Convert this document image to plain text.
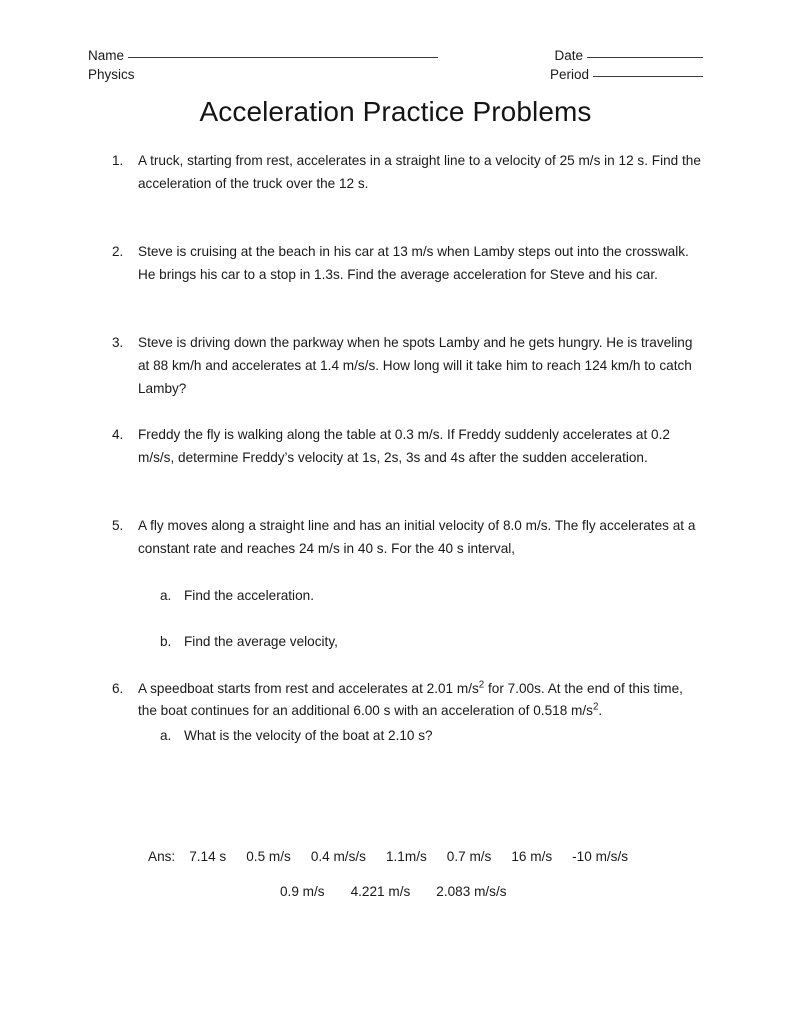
Name	Date
Physics	Period
Acceleration Practice Problems
1.	A truck, starting from rest, accelerates in a straight line to a velocity of 25 m/s in 12 s. Find the acceleration of the truck over the 12 s.
2.	Steve is cruising at the beach in his car at 13 m/s when Lamby steps out into the crosswalk. He brings his car to a stop in 1.3s. Find the average acceleration for Steve and his car.
3.	Steve is driving down the parkway when he spots Lamby and he gets hungry. He is traveling at 88 km/h and accelerates at 1.4 m/s/s. How long will it take him to reach 124 km/h to catch Lamby?
4.	Freddy the fly is walking along the table at 0.3 m/s. If Freddy suddenly accelerates at 0.2 m/s/s, determine Freddy’s velocity at 1s, 2s, 3s and 4s after the sudden acceleration.
5.	A fly moves along a straight line and has an initial velocity of 8.0 m/s. The fly accelerates at a constant rate and reaches 24 m/s in 40 s. For the 40 s interval,
a. Find the acceleration.
b. Find the average velocity,
6.	A speedboat starts from rest and accelerates at 2.01 $m/s^2$ for 7.00s. At the end of this time, the boat continues for an additional 6.00 s with an acceleration of 0.518 $m/s^2$.
a. What is the velocity of the boat at 2.10 s?
Ans: 7.14 s 0.5 m/s 0.4 m/s/s 1.1m/s 0.7 m/s 16 m/s -10 m/s/s
0.9 m/s 4.221 m/s 2.083 m/s/s
